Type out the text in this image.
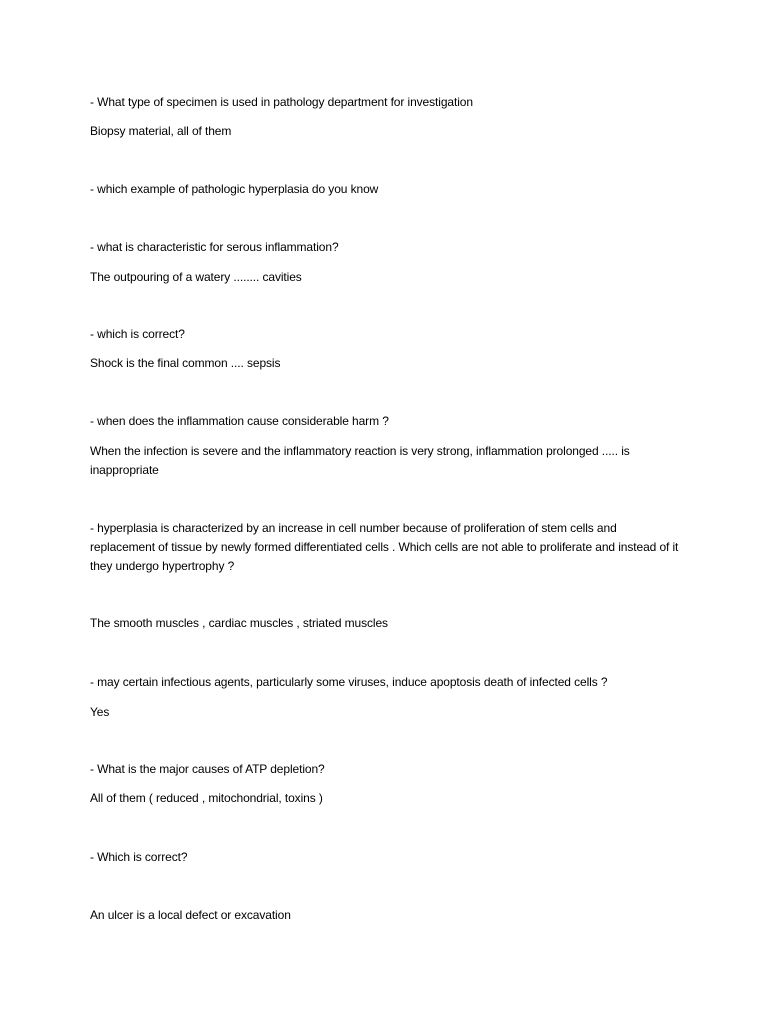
- What type of specimen is used in pathology department for investigation
Biopsy material, all of them
- which example of pathologic hyperplasia do you know
- what is characteristic for serous inflammation?
The outpouring of a watery ........ cavities
- which is correct?
Shock is the final common .... sepsis
- when does the inflammation cause considerable harm ?
When the infection is severe and the inflammatory reaction is very strong, inflammation prolonged ..... is inappropriate
- hyperplasia is characterized by an increase in cell number because of proliferation of stem cells and replacement of tissue by newly formed differentiated cells . Which cells are not able to proliferate and instead of it they undergo hypertrophy ?
The smooth muscles , cardiac muscles , striated muscles
- may certain infectious agents, particularly some viruses, induce apoptosis death of infected cells ?
Yes
- What is the major causes of ATP depletion?
All of them ( reduced , mitochondrial, toxins )
- Which is correct?
An ulcer is a local defect or excavation
